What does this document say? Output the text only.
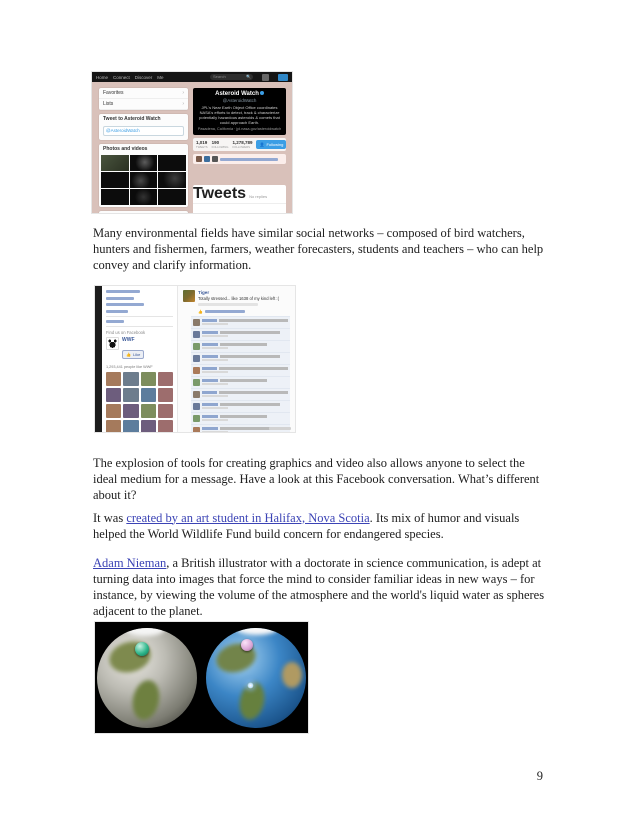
Home Connect Discover Me	Search	🔍
Favorites	›
Lists	›
Tweet to Asteroid Watch
@AsteroidWatch
Photos and videos
Asteroid Watch
@AsteroidWatch
JPL's Near Earth Object Office coordinates NASA's efforts to detect, track & characterize potentially hazardous asteroids & comets that could approach Earth.
Pasadena, California · jpl.nasa.gov/asteroidwatch
1,019
TWEETS
190
FOLLOWING
1,278,789
FOLLOWERS	👤 Following
Tweets No replies

Many environmental fields have similar social networks – composed of bird watchers, hunters and fishermen, farmers, weather forecasters, students and teachers – who can help convey and clarify information.

Find us on Facebook
WWF
👍 Like
1,293,441 people like WWF
Tiger
Totally stressed... like 1638 of my kind left :(
👍

The explosion of tools for creating graphics and video also allows anyone to select the ideal medium for a message. Have a look at this Facebook conversation. What’s different about it?

It was created by an art student in Halifax, Nova Scotia. Its mix of humor and visuals helped the World Wildlife Fund build concern for endangered species.

Adam Nieman, a British illustrator with a doctorate in science communication, is adept at turning data into images that force the mind to consider familiar ideas in new ways – for instance, by viewing the volume of the atmosphere and the world's liquid water as spheres adjacent to the planet.

9
